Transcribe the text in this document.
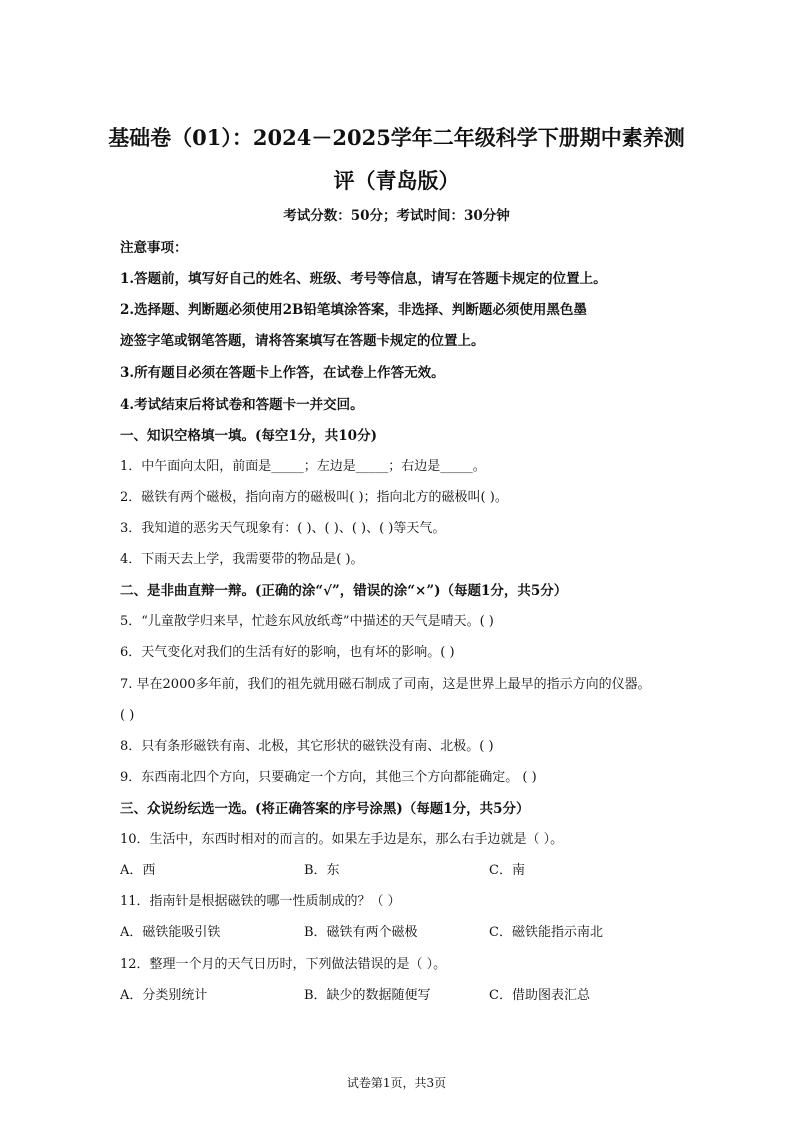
基础卷（01）：2024－2025学年二年级科学下册期中素养测
评（青岛版）
考试分数：50分；考试时间：30分钟
注意事项：
1.答题前，填写好自己的姓名、班级、考号等信息，请写在答题卡规定的位置上。
2.选择题、判断题必须使用2B铅笔填涂答案，非选择、判断题必须使用黑色墨
迹签字笔或钢笔答题，请将答案填写在答题卡规定的位置上。
3.所有题目必须在答题卡上作答，在试卷上作答无效。
4.考试结束后将试卷和答题卡一并交回。
一、知识空格填一填。(每空1分，共10分)
1．中午面向太阳，前面是_____；左边是_____；右边是_____。
2．磁铁有两个磁极，指向南方的磁极叫( )；指向北方的磁极叫( )。
3．我知道的恶劣天气现象有：( )、( )、( )、( )等天气。
4．下雨天去上学，我需要带的物品是( )。
二、是非曲直辩一辩。(正确的涂“√”，错误的涂“×”)（每题1分，共5分）
5．“儿童散学归来早，忙趁东风放纸鸢”中描述的天气是晴天。( )
6．天气变化对我们的生活有好的影响，也有坏的影响。( )
7. 早在2000多年前，我们的祖先就用磁石制成了司南，这是世界上最早的指示方向的仪器。
( )
8．只有条形磁铁有南、北极，其它形状的磁铁没有南、北极。( )
9．东西南北四个方向，只要确定一个方向，其他三个方向都能确定。 ( )
三、众说纷纭选一选。(将正确答案的序号涂黑)（每题1分，共5分）
10．生活中，东西时相对的而言的。如果左手边是东，那么右手边就是（ ）。
A．西	B．东	C．南
11．指南针是根据磁铁的哪一性质制成的？（ ）
A．磁铁能吸引铁	B．磁铁有两个磁极	C．磁铁能指示南北
12．整理一个月的天气日历时，下列做法错误的是（ ）。
A．分类别统计	B．缺少的数据随便写	C．借助图表汇总
试卷第1页，共3页
